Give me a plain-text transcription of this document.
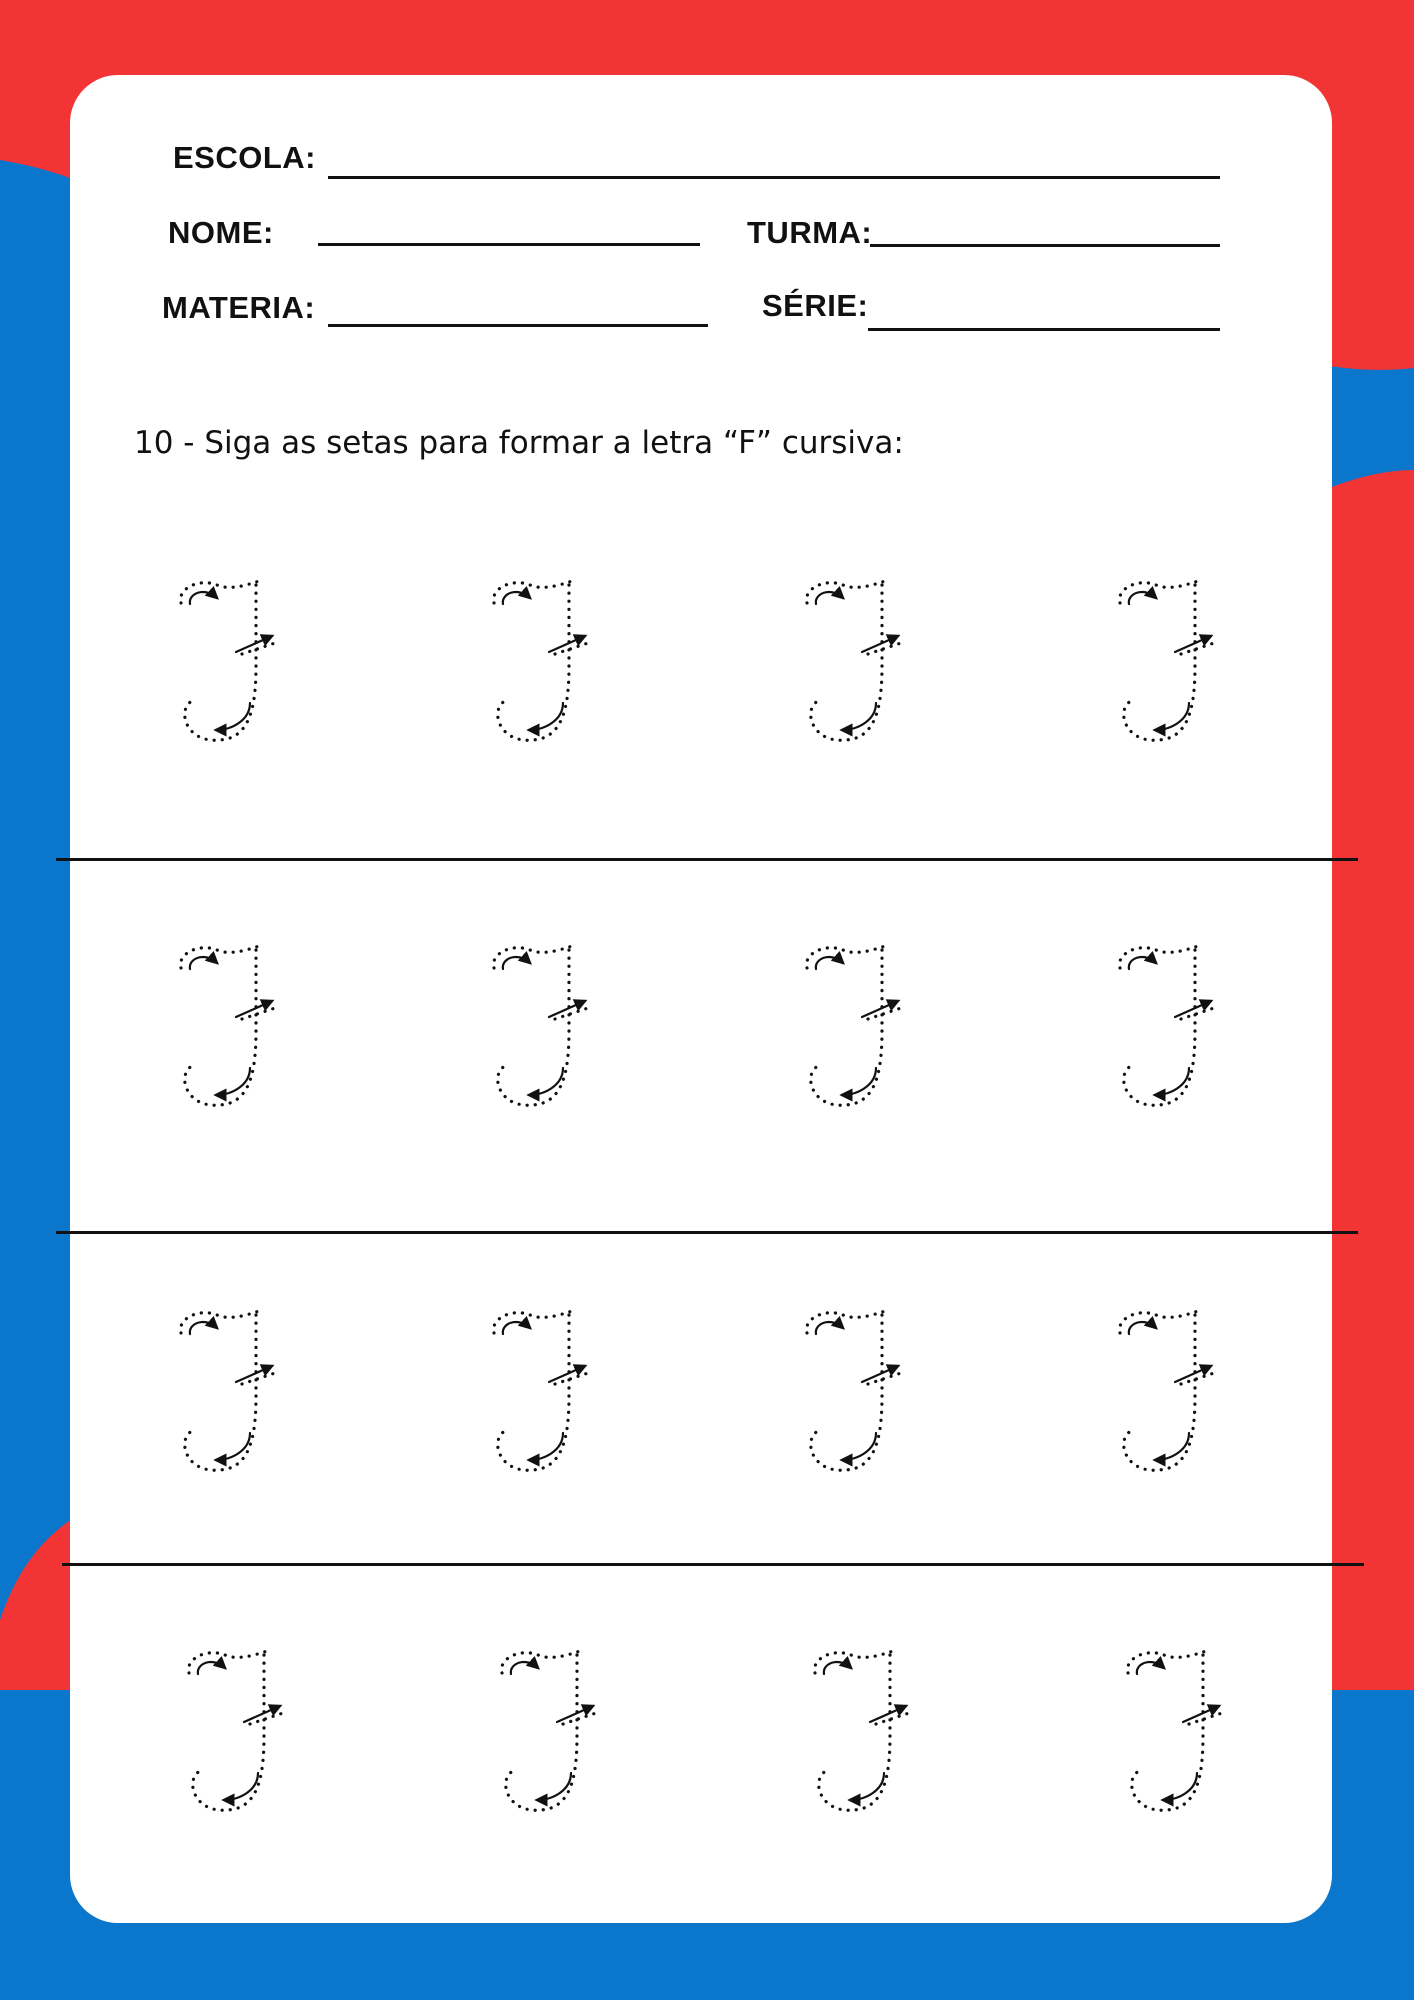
ESCOLA:
NOME:	TURMA:
MATERIA:	SÉRIE:
10 - Siga as setas para formar a letra “F” cursiva:
